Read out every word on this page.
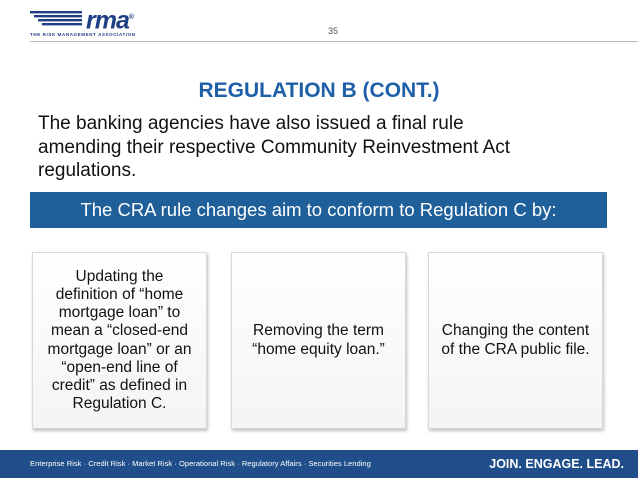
rma®
THE RISK MANAGEMENT ASSOCIATION	35
REGULATION B (CONT.)
The banking agencies have also issued a final rule
amending their respective Community Reinvestment Act
regulations.
The CRA rule changes aim to conform to Regulation C by:
Updating the
definition of “home
mortgage loan” to
mean a “closed-end
mortgage loan” or an
“open-end line of
credit” as defined in
Regulation C.
Removing the term
“home equity loan.”
Changing the content
of the CRA public file.
Enterprise Risk · Credit Risk · Market Risk · Operational Risk · Regulatory Affairs · Securities Lending	JOIN. ENGAGE. LEAD.
